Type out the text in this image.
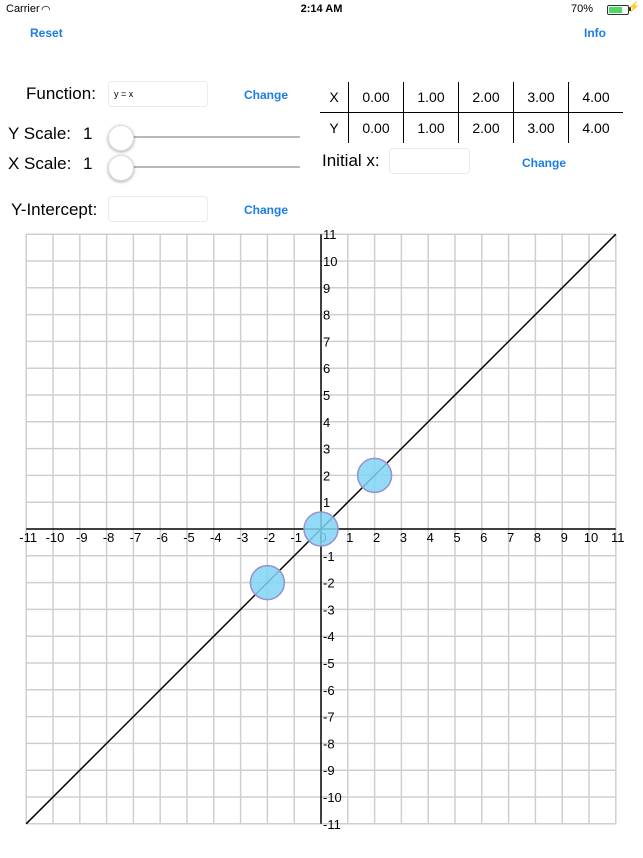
Carrier ◠	2:14 AM	70%	⚡
Reset	Info
Function: y = x	Change
Y Scale: 1
X Scale: 1
Y-Intercept:	Change
X	0.00	1.00	2.00	3.00	4.00
Y	0.00	1.00	2.00	3.00	4.00
Initial x:	Change
-11 -10 -9 -8 -7 -6 -5 -4 -3 -2 -1	1 2 3 4 5 6 7 8 9 10 11
11
10
9
8
7
6
5
4
3
2
1
-1
-2
-3
-4
-5
-6
-7
-8
-9
-10
-11
